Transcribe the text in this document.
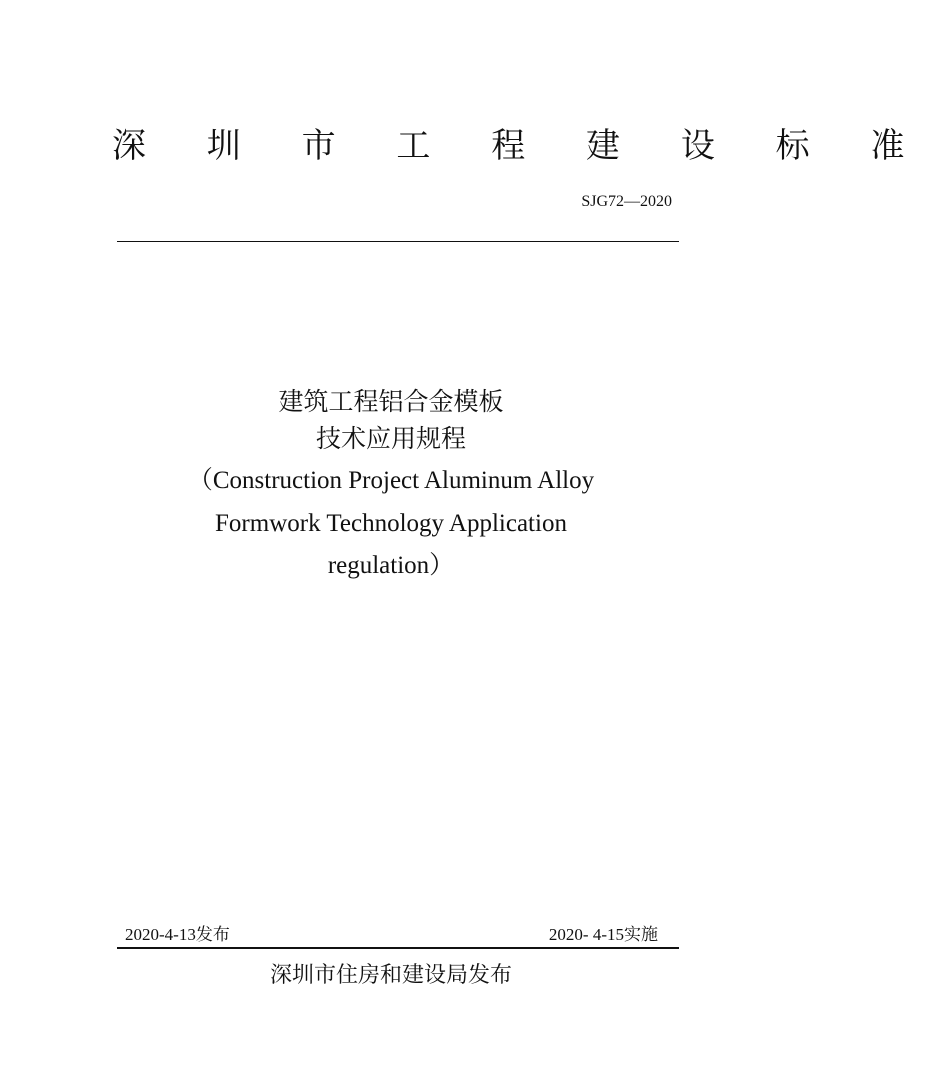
深 圳 市 工 程 建 设 标 准
SJG72—2020
建筑工程铝合金模板
技术应用规程
（Construction Project Aluminum Alloy
Formwork Technology Application
regulation）
2020-4-13发布	2020- 4-15实施
深圳市住房和建设局发布
